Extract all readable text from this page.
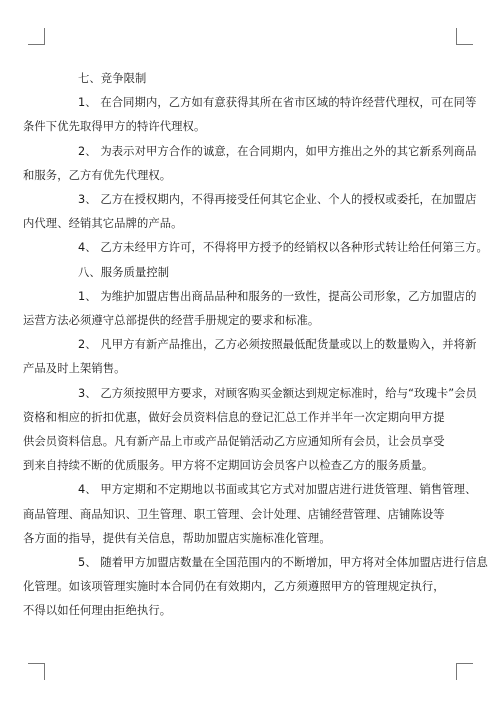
七、竞争限制
1、 在合同期内，乙方如有意获得其所在省市区域的特许经营代理权，可在同等
条件下优先取得甲方的特许代理权。
2、 为表示对甲方合作的诚意，在合同期内，如甲方推出之外的其它新系列商品
和服务，乙方有优先代理权。
3、 乙方在授权期内，不得再接受任何其它企业、个人的授权或委托，在加盟店
内代理、经销其它品牌的产品。
4、 乙方未经甲方许可，不得将甲方授予的经销权以各种形式转让给任何第三方。
八、服务质量控制
1、 为维护加盟店售出商品品种和服务的一致性，提高公司形象，乙方加盟店的
运营方法必须遵守总部提供的经营手册规定的要求和标准。
2、 凡甲方有新产品推出，乙方必须按照最低配货量或以上的数量购入，并将新
产品及时上架销售。
3、 乙方须按照甲方要求，对顾客购买金额达到规定标准时，给与“玫瑰卡”会员
资格和相应的折扣优惠，做好会员资料信息的登记汇总工作并半年一次定期向甲方提
供会员资料信息。凡有新产品上市或产品促销活动乙方应通知所有会员，让会员享受
到来自持续不断的优质服务。甲方将不定期回访会员客户以检查乙方的服务质量。
4、 甲方定期和不定期地以书面或其它方式对加盟店进行进货管理、销售管理、
商品管理、商品知识、卫生管理、职工管理、会计处理、店铺经营管理、店铺陈设等
各方面的指导，提供有关信息，帮助加盟店实施标准化管理。
5、 随着甲方加盟店数量在全国范围内的不断增加，甲方将对全体加盟店进行信息
化管理。如该项管理实施时本合同仍在有效期内，乙方须遵照甲方的管理规定执行，
不得以如任何理由拒绝执行。
